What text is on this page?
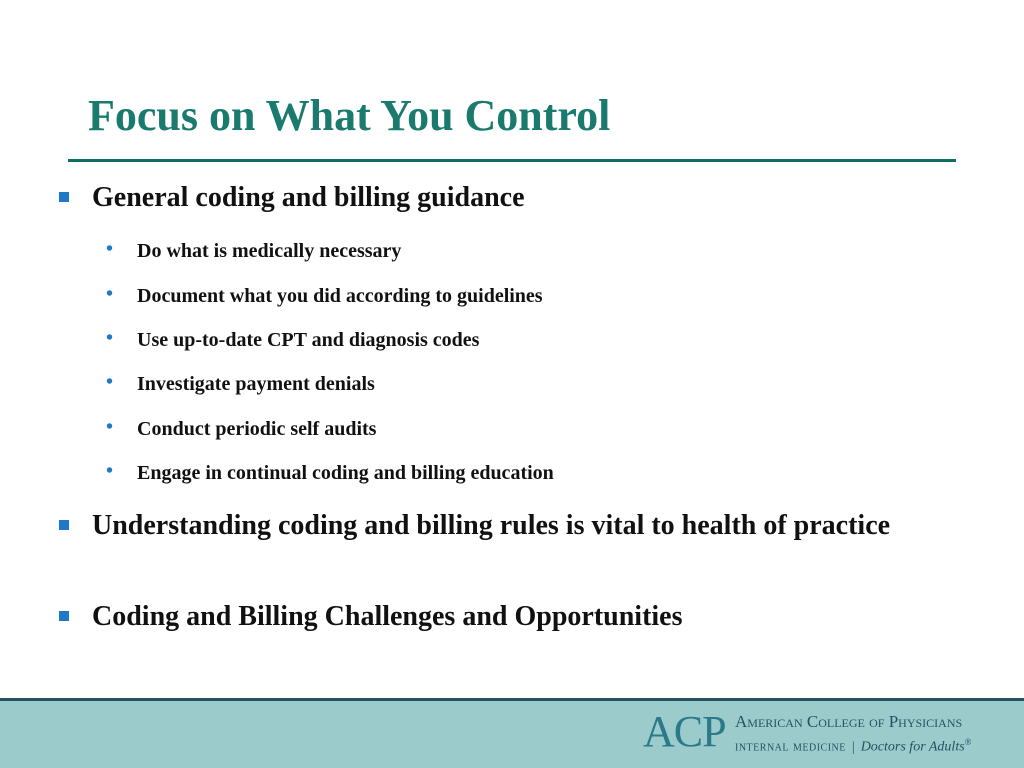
Focus on What You Control
General coding and billing guidance
• Do what is medically necessary
• Document what you did according to guidelines
• Use up-to-date CPT and diagnosis codes
• Investigate payment denials
• Conduct periodic self audits
• Engage in continual coding and billing education
Understanding coding and billing rules is vital to health of practice
Coding and Billing Challenges and Opportunities
ACP American College of Physicians
internal medicine | Doctors for Adults®
